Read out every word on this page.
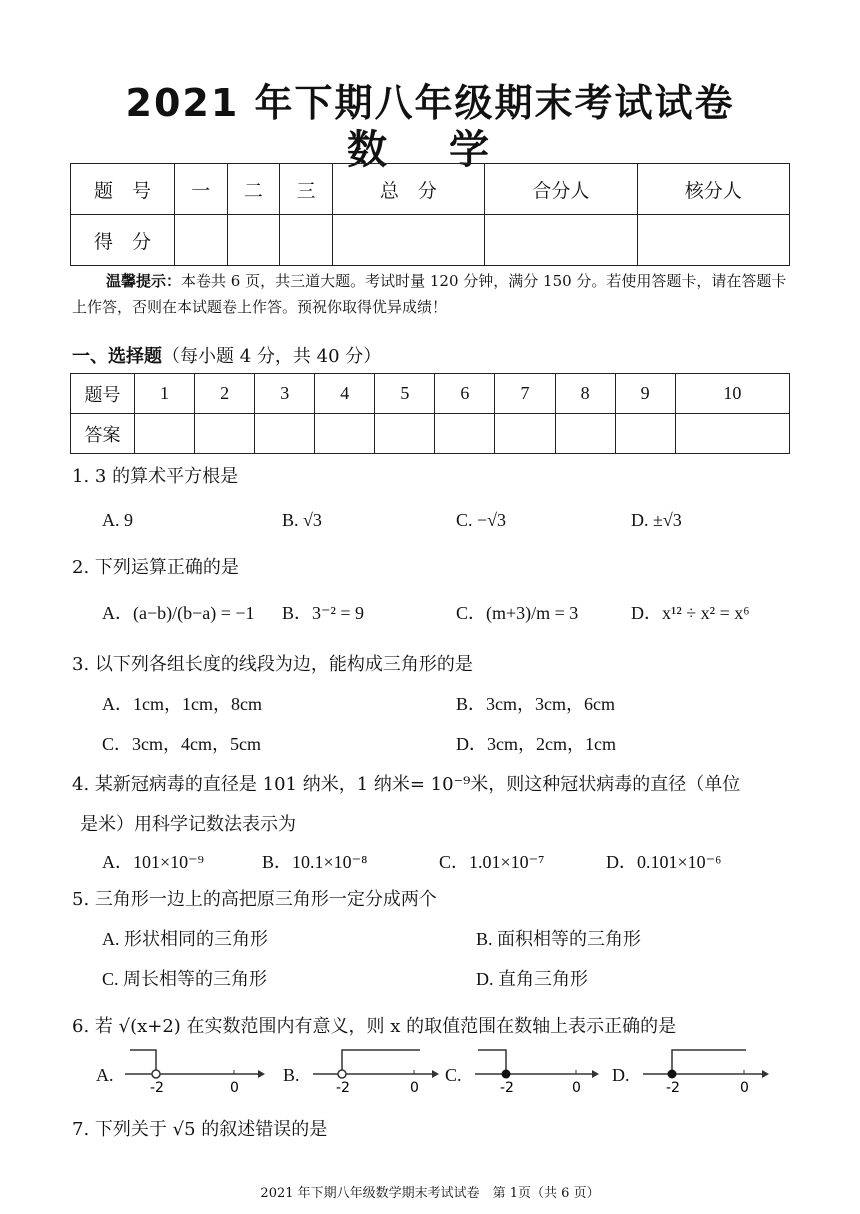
2021 年下期八年级期末考试试卷
数 学
题　号	一	二	三	总　分	合分人	核分人
得　分						
温馨提示：本卷共 6 页，共三道大题。考试时量 120 分钟，满分 150 分。若使用答题卡，请在答题卡上作答，否则在本试题卷上作答。预祝你取得优异成绩！
一、选择题（每小题 4 分，共 40 分）
题号	1	2	3	4	5	6	7	8	9	10
答案										
1. 3 的算术平方根是
A. 9	B. √3	C. −√3	D. ±√3
2. 下列运算正确的是
A．(a−b)/(b−a) = −1 B．3⁻² = 9	C．(m+3)/m = 3	D．x¹² ÷ x² = x⁶
3. 以下列各组长度的线段为边，能构成三角形的是
A．1cm，1cm，8cm	B．3cm，3cm，6cm
C．3cm，4cm，5cm	D．3cm，2cm，1cm
4. 某新冠病毒的直径是 101 纳米，1 纳米= 10⁻⁹米，则这种冠状病毒的直径（单位
是米）用科学记数法表示为
A．101×10⁻⁹	B．10.1×10⁻⁸	C．1.01×10⁻⁷	D．0.101×10⁻⁶
5. 三角形一边上的高把原三角形一定分成两个
A. 形状相同的三角形	B. 面积相等的三角形
C. 周长相等的三角形	D. 直角三角形
6. 若 √(x+2) 在实数范围内有意义，则 x 的取值范围在数轴上表示正确的是
A.
-2	0
B.
-2	0
C.
-2	0
D.
-2	0
7. 下列关于 √5 的叙述错误的是
2021 年下期八年级数学期末考试试卷　第 1页（共 6 页）
